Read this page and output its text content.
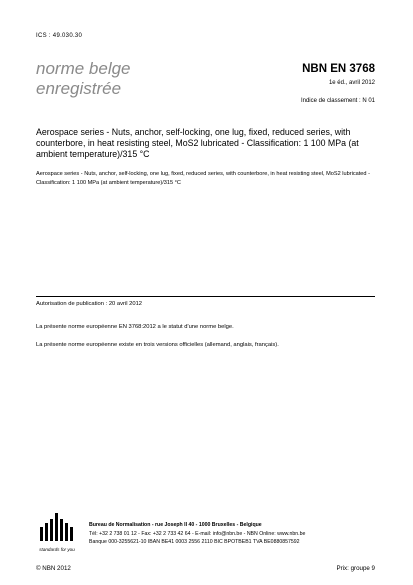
ICS : 49.030.30
norme belge
enregistrée
NBN EN 3768
1e éd., avril 2012
Indice de classement : N 01
Aerospace series - Nuts, anchor, self-locking, one lug, fixed, reduced series, with counterbore, in heat resisting steel, MoS2 lubricated - Classification: 1 100 MPa (at ambient temperature)/315 °C
Aerospace series - Nuts, anchor, self-locking, one lug, fixed, reduced series, with counterbore, in heat resisting steel, MoS2 lubricated - Classification: 1 100 MPa (at ambient temperature)/315 °C
Autorisation de publication : 20 avril 2012
La présente norme européenne EN 3768:2012 a le statut d'une norme belge.
La présente norme européenne existe en trois versions officielles (allemand, anglais, français).
standards for you
Bureau de Normalisation - rue Joseph II 40 - 1000 Bruxelles - Belgique
Tél: +32 2 738 01 12 - Fax: +32 2 733 42 64 - E-mail: info@nbn.be - NBN Online: www.nbn.be
Banque 000-3255621-10 IBAN BE41 0003 2556 2110 BIC BPOTBEB1 TVA BE0880857592
© NBN 2012	Prix: groupe 9
